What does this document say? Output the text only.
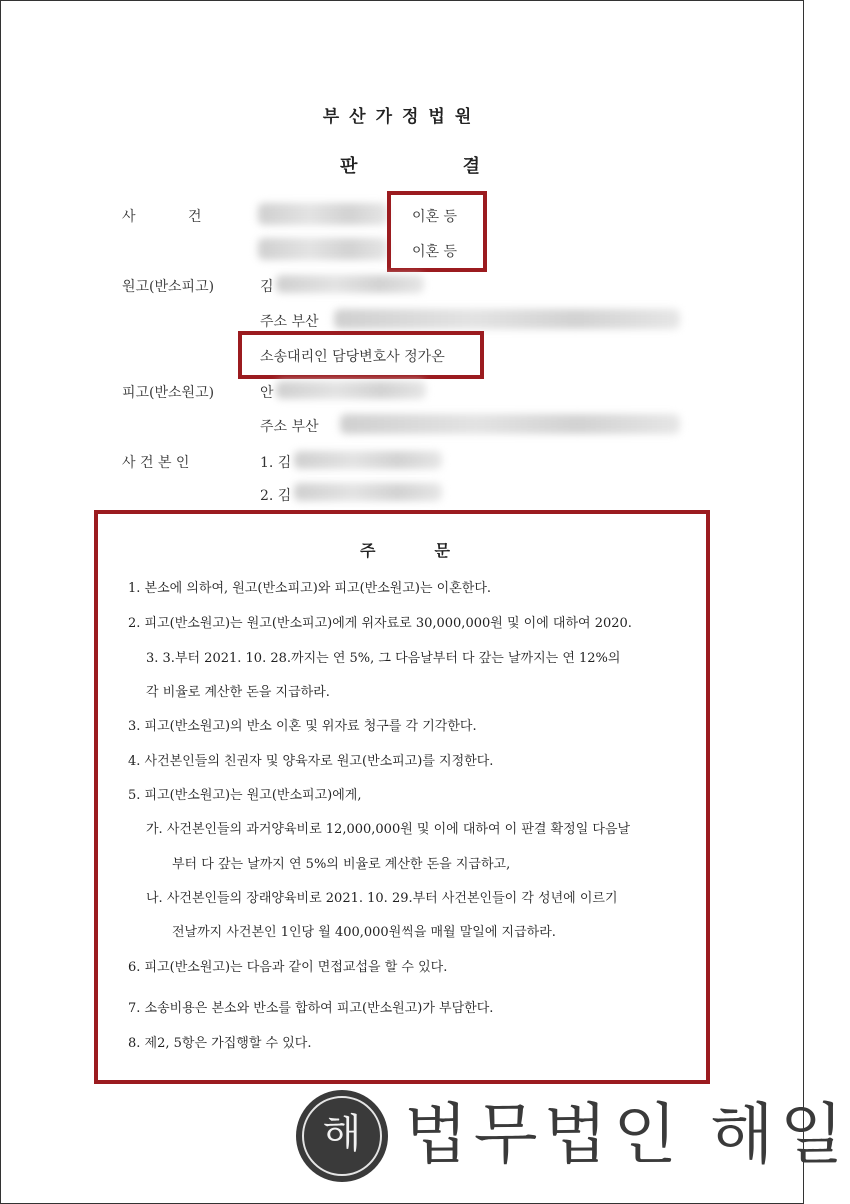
부산가정법원
판	결
사	건	이혼 등
이혼 등
원고(반소피고)	김
주소 부산
소송대리인 담당변호사 정가온
피고(반소원고)	안
주소 부산
사 건 본 인	1. 김
2. 김
주	문
1. 본소에 의하여, 원고(반소피고)와 피고(반소원고)는 이혼한다.
2. 피고(반소원고)는 원고(반소피고)에게 위자료로 30,000,000원 및 이에 대하여 2020.
3. 3.부터 2021. 10. 28.까지는 연 5%, 그 다음날부터 다 갚는 날까지는 연 12%의
각 비율로 계산한 돈을 지급하라.
3. 피고(반소원고)의 반소 이혼 및 위자료 청구를 각 기각한다.
4. 사건본인들의 친권자 및 양육자로 원고(반소피고)를 지정한다.
5. 피고(반소원고)는 원고(반소피고)에게,
가. 사건본인들의 과거양육비로 12,000,000원 및 이에 대하여 이 판결 확정일 다음날
부터 다 갚는 날까지 연 5%의 비율로 계산한 돈을 지급하고,
나. 사건본인들의 장래양육비로 2021. 10. 29.부터 사건본인들이 각 성년에 이르기
전날까지 사건본인 1인당 월 400,000원씩을 매월 말일에 지급하라.
6. 피고(반소원고)는 다음과 같이 면접교섭을 할 수 있다.
7. 소송비용은 본소와 반소를 합하여 피고(반소원고)가 부담한다.
8. 제2, 5항은 가집행할 수 있다.
해 법무법인 해일
